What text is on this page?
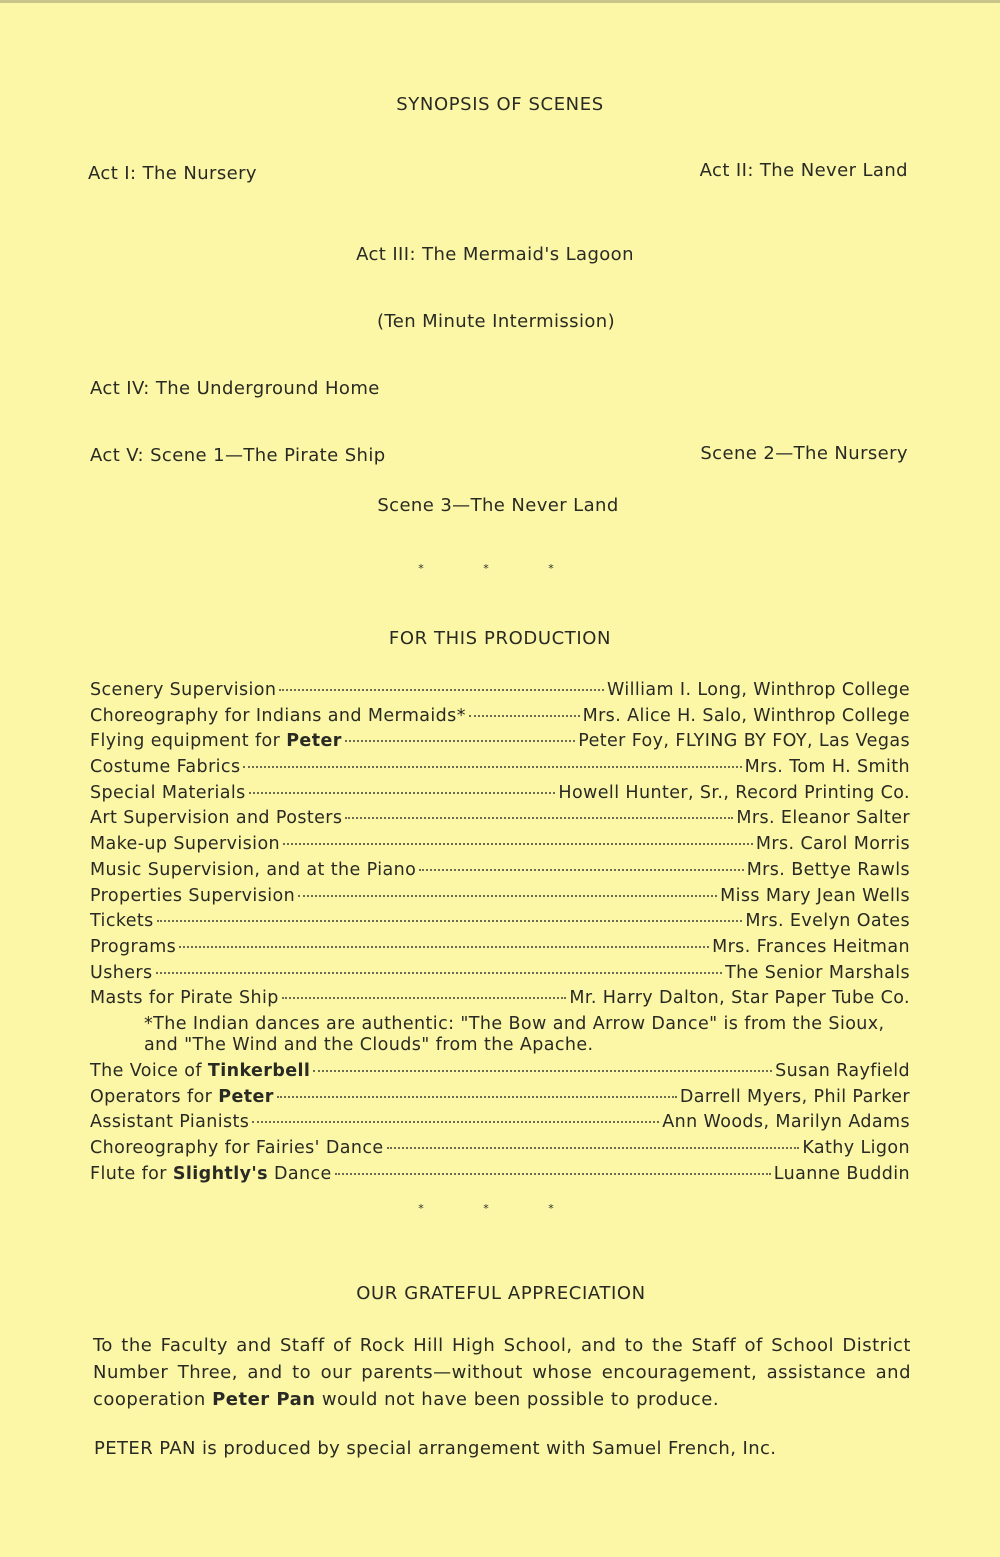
SYNOPSIS OF SCENES
Act I: The Nursery	Act II: The Never Land
Act III: The Mermaid's Lagoon
(Ten Minute Intermission)
Act IV: The Underground Home
Act V: Scene 1—The Pirate Ship	Scene 2—The Nursery
Scene 3—The Never Land
* * *
FOR THIS PRODUCTION
Scenery Supervision	William I. Long, Winthrop College
Choreography for Indians and Mermaids*	Mrs. Alice H. Salo, Winthrop College
Flying equipment for Peter	Peter Foy, FLYING BY FOY, Las Vegas
Costume Fabrics	Mrs. Tom H. Smith
Special Materials	Howell Hunter, Sr., Record Printing Co.
Art Supervision and Posters	Mrs. Eleanor Salter
Make-up Supervision	Mrs. Carol Morris
Music Supervision, and at the Piano	Mrs. Bettye Rawls
Properties Supervision	Miss Mary Jean Wells
Tickets	Mrs. Evelyn Oates
Programs	Mrs. Frances Heitman
Ushers	The Senior Marshals
Masts for Pirate Ship	Mr. Harry Dalton, Star Paper Tube Co.
*The Indian dances are authentic: "The Bow and Arrow Dance" is from the Sioux, and "The Wind and the Clouds" from the Apache.
The Voice of Tinkerbell	Susan Rayfield
Operators for Peter	Darrell Myers, Phil Parker
Assistant Pianists	Ann Woods, Marilyn Adams
Choreography for Fairies' Dance	Kathy Ligon
Flute for Slightly's Dance	Luanne Buddin
* * *
OUR GRATEFUL APPRECIATION
To the Faculty and Staff of Rock Hill High School, and to the Staff of School District Number Three, and to our parents—without whose encouragement, assistance and cooperation Peter Pan would not have been possible to produce.
PETER PAN is produced by special arrangement with Samuel French, Inc.
